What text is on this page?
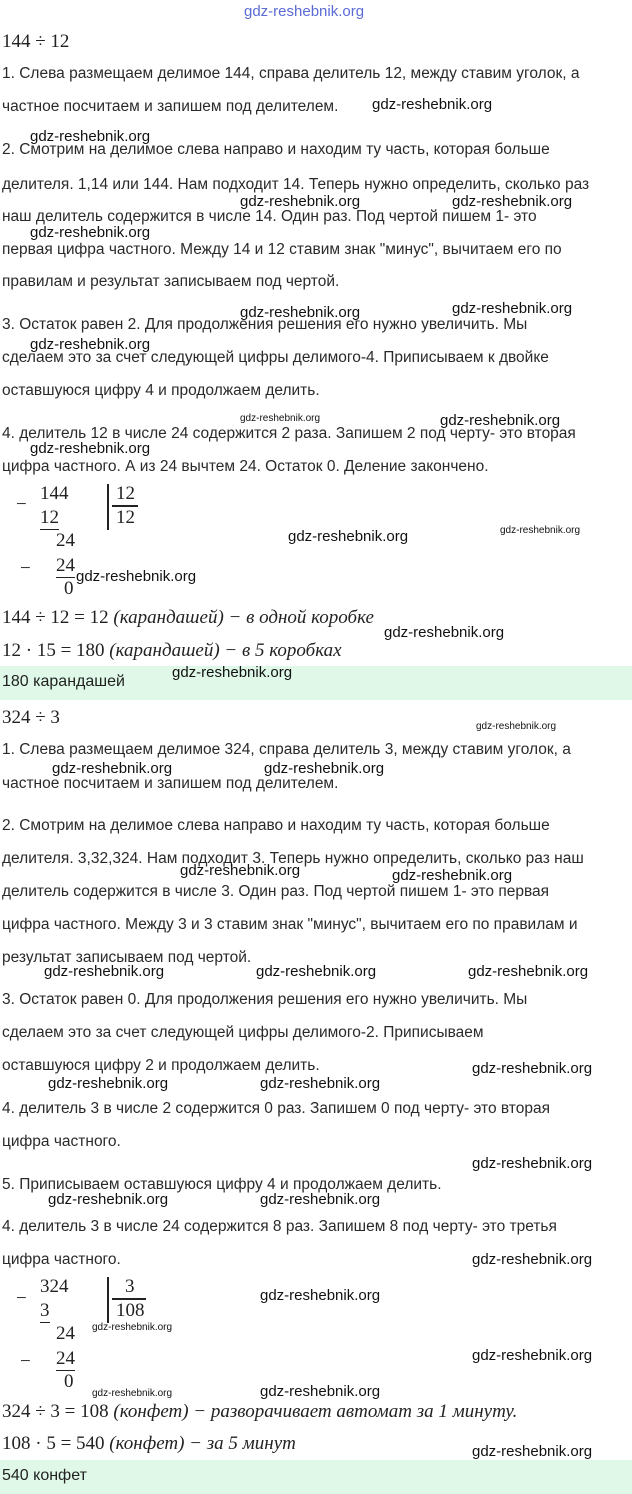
gdz-reshebnik.org
144 ÷ 12
1. Слева размещаем делимое 144, справа делитель 12, между ставим уголок, а
частное посчитаем и запишем под делителем.
2. Смотрим на делимое слева направо и находим ту часть, которая больше
делителя. 1,14 или 144. Нам подходит 14. Теперь нужно определить, сколько раз
наш делитель содержится в числе 14. Один раз. Под чертой пишем 1- это
первая цифра частного. Между 14 и 12 ставим знак "минус", вычитаем его по
правилам и результат записываем под чертой.
3. Остаток равен 2. Для продолжения решения его нужно увеличить. Мы
сделаем это за счет следующей цифры делимого-4. Приписываем к двойке
оставшуюся цифру 4 и продолжаем делить.
4. делитель 12 в числе 24 содержится 2 раза. Запишем 2 под черту- это вторая
цифра частного. А из 24 вычтем 24. Остаток 0. Деление закончено.
−
144
12
12
12
24
− 24
0
144 ÷ 12 = 12 (карандашей) − в одной коробке
12 · 15 = 180 (карандашей) − в 5 коробках
180 карандашей
324 ÷ 3
1. Слева размещаем делимое 324, справа делитель 3, между ставим уголок, а
частное посчитаем и запишем под делителем.
2. Смотрим на делимое слева направо и находим ту часть, которая больше
делителя. 3,32,324. Нам подходит 3. Теперь нужно определить, сколько раз наш
делитель содержится в числе 3. Один раз. Под чертой пишем 1- это первая
цифра частного. Между 3 и 3 ставим знак "минус", вычитаем его по правилам и
результат записываем под чертой.
3. Остаток равен 0. Для продолжения решения его нужно увеличить. Мы
сделаем это за счет следующей цифры делимого-2. Приписываем
оставшуюся цифру 2 и продолжаем делить.
4. делитель 3 в числе 2 содержится 0 раз. Запишем 0 под черту- это вторая
цифра частного.
5. Приписываем оставшуюся цифру 4 и продолжаем делить.
4. делитель 3 в числе 24 содержится 8 раз. Запишем 8 под черту- это третья
цифра частного.
−
324
3
3
108
24
− 24
0
324 ÷ 3 = 108 (конфет) − разворачивает автомат за 1 минуту.
108 · 5 = 540 (конфет) − за 5 минут
540 конфет
gdz-reshebnik.org
gdz-reshebnik.org
gdz-reshebnik.org	gdz-reshebnik.org
gdz-reshebnik.org
gdz-reshebnik.org	gdz-reshebnik.org
gdz-reshebnik.org
gdz-reshebnik.org	gdz-reshebnik.org
gdz-reshebnik.org
gdz-reshebnik.org	gdz-reshebnik.org
gdz-reshebnik.org
gdz-reshebnik.org
gdz-reshebnik.org
gdz-reshebnik.org
gdz-reshebnik.org	gdz-reshebnik.org
gdz-reshebnik.org	gdz-reshebnik.org
gdz-reshebnik.org	gdz-reshebnik.org	gdz-reshebnik.org
gdz-reshebnik.org
gdz-reshebnik.org	gdz-reshebnik.org
gdz-reshebnik.org
gdz-reshebnik.org	gdz-reshebnik.org
gdz-reshebnik.org
gdz-reshebnik.org
gdz-reshebnik.org
gdz-reshebnik.org
gdz-reshebnik.org	gdz-reshebnik.org
gdz-reshebnik.org
